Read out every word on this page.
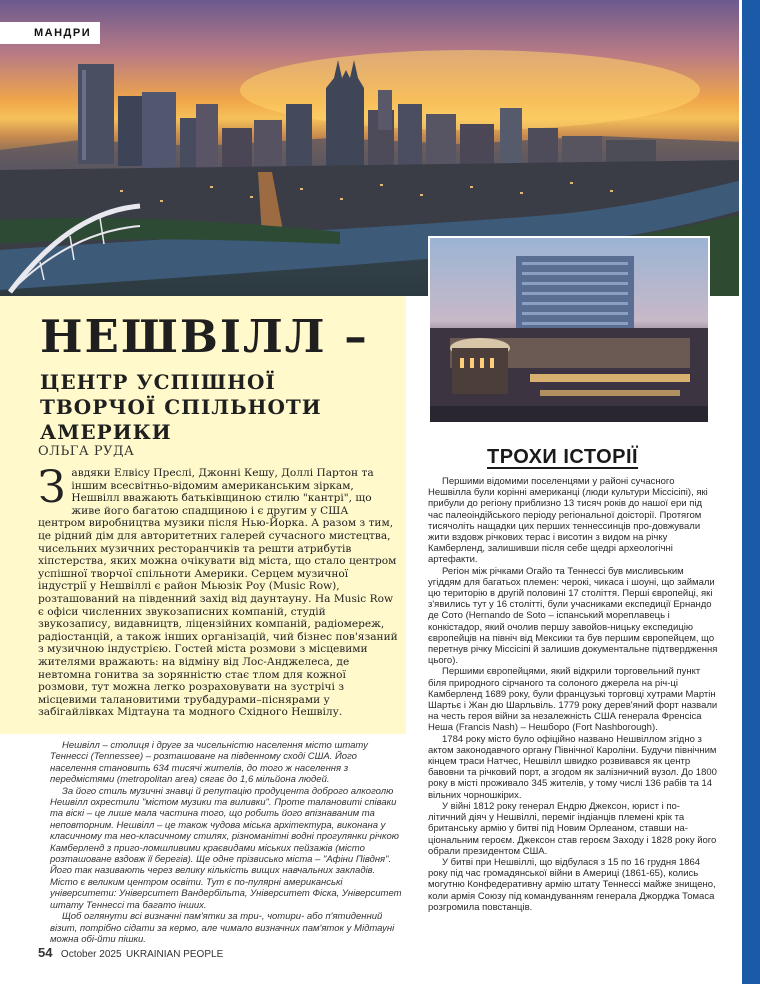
МАНДРИ
НЕШВІЛЛ –
ЦЕНТР УСПІШНОЇ ТВОРЧОЇ СПІЛЬНОТИ АМЕРИКИ
ОЛЬГА РУДА
Завдяки Елвісу Преслі, Джонні Кешу, Доллі Партон та іншим всесвітньо-відомим американським зіркам, Нешвілл вважають батьківщиною стилю "кантрі", що живе його багатою спадщиною і є другим у США центром виробництва музики після Нью-Йорка. А разом з тим, це рідний дім для авторитетних галерей сучасного мистецтва, чисельних музичних ресторанчиків та решти атрибутів хіпстерства, яких можна очікувати від міста, що стало центром успішної творчої спільноти Америки. Серцем музичної індустрії у Нешвіллі є район Мьюзік Роу (Music Row), розташований на південний захід від даунтауну. На Music Row є офіси численних звукозаписних компаній, студій звукозапису, видавництв, ліцензійних компаній, радіомереж, радіостанцій, а також інших організацій, чий бізнес пов'язаний з музичною індустрією. Гостей міста розмови з місцевими жителями вражають: на відміну від Лос-Анджелеса, де невтомна гонитва за зорянністю стає тлом для кожної розмови, тут можна легко розраховувати на зустрічі з місцевими талановитими трубадурами–піснярами у забігайлівках Мідтауна та модного Східного Нешвілу.

Нешвілл – столиця і друге за чисельністю населення місто штату Теннессі (Tennessee) – розташоване на південному сході США. Його населення становить 634 тисячі жителів, до того ж населення з передмістями (metropolitan area) сягає до 1,6 мільйона людей.

За його стиль музичні знавці й репутацію продуцента доброго алкоголю Нешвілл охрестили "містом музики та виливки". Проте талановиті співаки та віскі – це лише мала частина того, що робить його впізнаваним та неповторним. Нешвілл – це також чудова міська архітектура, виконана у класичному та нео-класичному стилях, різноманітні водні прогулянки річкою Камберленд з приго-ломшливими краєвидами міських пейзажів (місто розташоване вздовж її берегів). Ще одне прізвисько міста – "Афіни Півдня". Його так називають через велику кількість вищих навчальних закладів. Місто є великим центром освіти. Тут є по-пулярні американські університети: Університет Вандербільта, Університет Фіска, Університет штату Теннессі та багато інших.

Щоб оглянути всі визначні пам'ятки за три-, чотири- або п'ятиденний візит, потрібно сідати за кермо, але чимало визначних пам'яток у Мідтауні можна обі-йти пішки.

ТРОХИ ІСТОРІЇ

Першими відомими поселенцями у районі сучасного Нешвілла були корінні американці (люди культури Міссісіпі), які прибули до регіону приблизно 13 тисяч років до нашої ери під час палеоіндійського періоду регіональної доісторії. Протягом тисячоліть нащадки цих перших теннессинців про-довжували жити вздовж річкових терас і висотин з видом на річку Камберленд, залишивши після себе щедрі археологічні артефакти.

Регіон між річками Огайо та Теннессі був мисливським угіддям для багатьох племен: черокі, чикаса і шоуні, що займали цю територію в другій половині 17 століття. Перші європейці, які з'явились тут у 16 столітті, були учасниками експедиції Ернандо де Сото (Hernando de Soto – іспанський мореплавець і конкістадор, який очолив першу завойов-ницьку експедицію європейців на північ від Мексики та був першим європейцем, що перетнув річку Міссісіпі й залишив документальне підтвердження цього).

Першими європейцями, який відкрили торговельний пункт біля природного сірчаного та солоного джерела на річ-ці Камберленд 1689 року, були французькі торговці хутрами Мартін Шартьє і Жан дю Шарльвіль. 1779 року дерев'яний форт назвали на честь героя війни за незалежність США генерала Френсіса Неша (Francis Nash) – Нешборо (Fort Nashborough).

1784 року місто було офіційно названо Нешвіллом згідно з актом законодавчого органу Північної Кароліни. Будучи північним кінцем траси Натчес, Нешвілл швидко розвивався як центр бавовни та річковий порт, а згодом як залізничний вузол. До 1800 року в місті проживало 345 жителів, у тому числі 136 рабів та 14 вільних чорношкірих.

У війні 1812 року генерал Ендрю Джексон, юрист і по-літичний діяч у Нешвіллі, переміг індіанців племені крік та британську армію у битві під Новим Орлеаном, ставши на-ціональним героєм. Джексон став героєм Заходу і 1828 року його обрали президентом США.

У битві при Нешвіллі, що відбулася з 15 по 16 грудня 1864 року під час громадянської війни в Америці (1861-65), колись могутню Конфедеративну армію штату Теннессі майже знищено, коли армія Союзу під командуванням генерала Джорджа Томаса розгромила повстанців.

54 October 2025 UKRAINIAN PEOPLE
